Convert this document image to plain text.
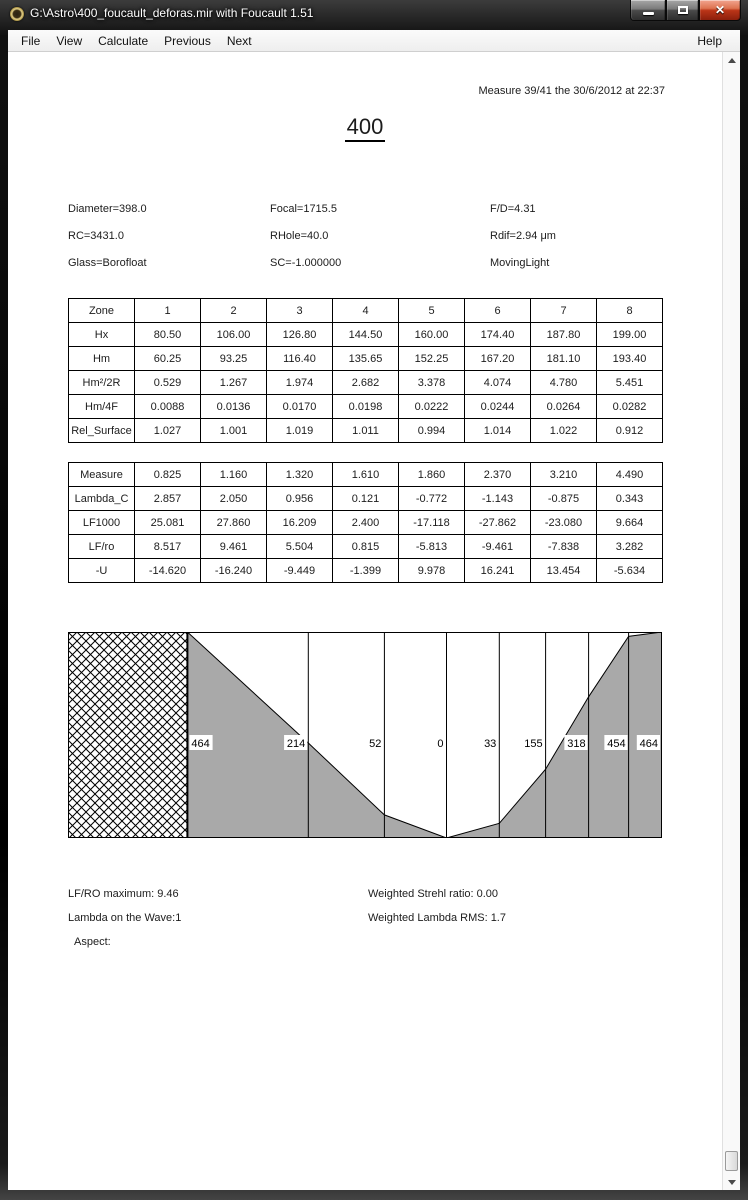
G:\Astro\400_foucault_deforas.mir with Foucault 1.51	✕
File	View	Calculate	Previous	Next	Help
Measure 39/41 the 30/6/2012 at 22:37
400
Diameter=398.0	Focal=1715.5	F/D=4.31
RC=3431.0	RHole=40.0	Rdif=2.94 μm
Glass=Borofloat	SC=-1.000000	MovingLight
Zone	1	2	3	4	5	6	7	8
Hx	80.50	106.00	126.80	144.50	160.00	174.40	187.80	199.00
Hm	60.25	93.25	116.40	135.65	152.25	167.20	181.10	193.40
Hm²/2R	0.529	1.267	1.974	2.682	3.378	4.074	4.780	5.451
Hm/4F	0.0088	0.0136	0.0170	0.0198	0.0222	0.0244	0.0264	0.0282
Rel_Surface	1.027	1.001	1.019	1.011	0.994	1.014	1.022	0.912
Measure	0.825	1.160	1.320	1.610	1.860	2.370	3.210	4.490
Lambda_C	2.857	2.050	0.956	0.121	-0.772	-1.143	-0.875	0.343
LF1000	25.081	27.860	16.209	2.400	-17.118	-27.862	-23.080	9.664
LF/ro	8.517	9.461	5.504	0.815	-5.813	-9.461	-7.838	3.282
-U	-14.620	-16.240	-9.449	-1.399	9.978	16.241	13.454	-5.634
464	214	52	0	33	155 318 454 464
LF/RO maximum: 9.46
Lambda on the Wave:1
Aspect:
Weighted Strehl ratio: 0.00
Weighted Lambda RMS: 1.7
